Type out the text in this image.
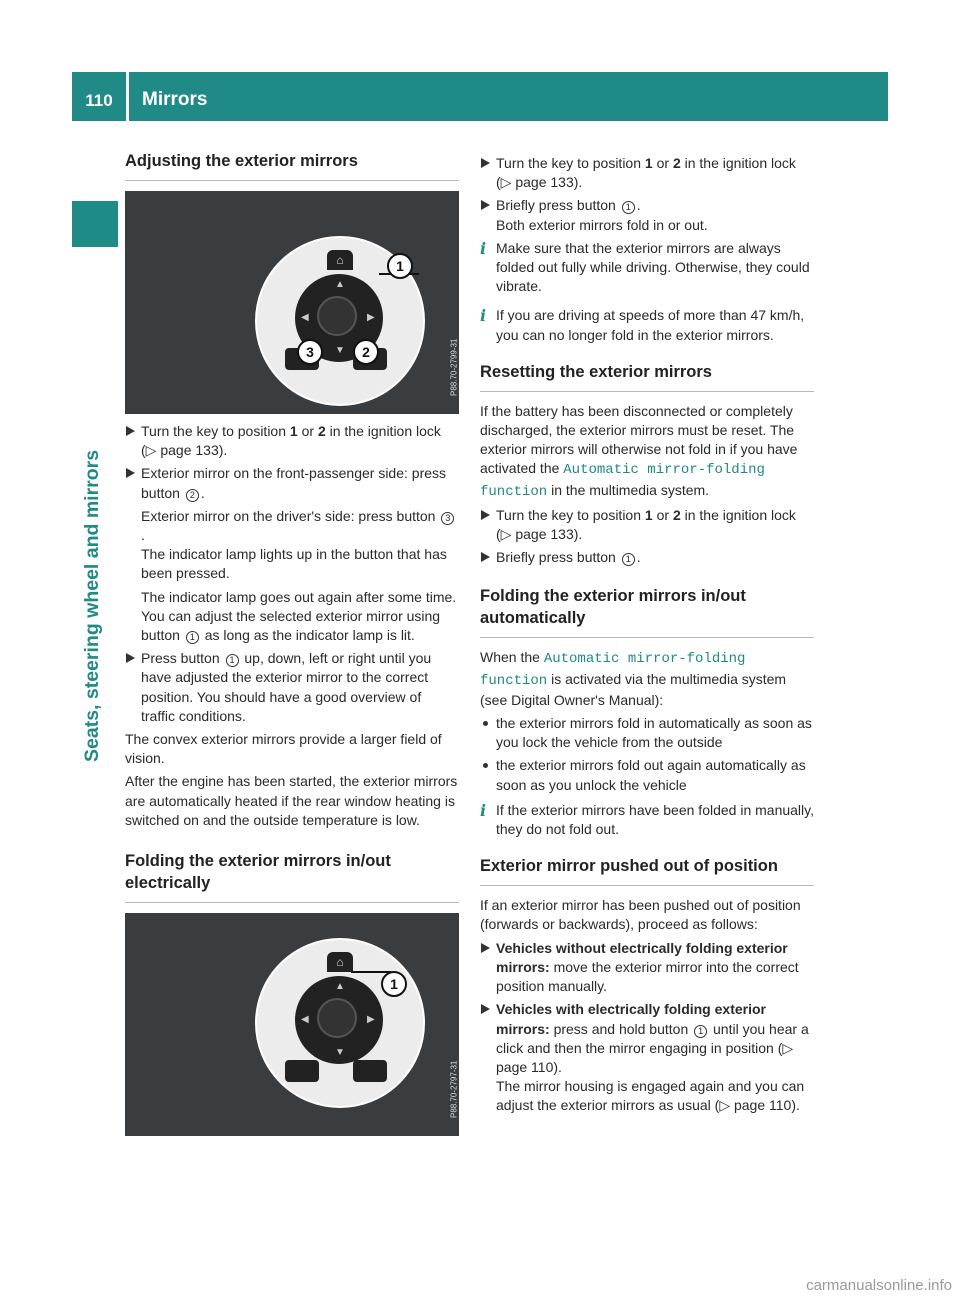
110	Mirrors
Seats, steering wheel and mirrors
Adjusting the exterior mirrors
⌂
▲
▼
◀	▶
1
2
3	P88.70-2799-31
Turn the key to position 1 or 2 in the ignition lock (▷ page 133).
Exterior mirror on the front-passenger side: press button 2 .
Exterior mirror on the driver's side: press button 3.
The indicator lamp lights up in the button that has been pressed.
The indicator lamp goes out again after some time. You can adjust the selected exterior mirror using button 1 as long as the indicator lamp is lit.
Press button 1 up, down, left or right until you have adjusted the exterior mirror to the correct position. You should have a good overview of traffic conditions.

The convex exterior mirrors provide a larger field of vision.

After the engine has been started, the exterior mirrors are automatically heated if the rear window heating is switched on and the outside temperature is low.

Folding the exterior mirrors in/out electrically
⌂
▲
▼
◀	▶
1
P88.70-2797-31
Turn the key to position 1 or 2 in the ignition lock (▷ page 133).
Briefly press button 1 .
Both exterior mirrors fold in or out.
i Make sure that the exterior mirrors are always folded out fully while driving. Otherwise, they could vibrate.
i If you are driving at speeds of more than 47 km/h, you can no longer fold in the exterior mirrors.
Resetting the exterior mirrors

If the battery has been disconnected or completely discharged, the exterior mirrors must be reset. The exterior mirrors will otherwise not fold in if you have activated the Automatic mirror-folding function in the multimedia system.

Turn the key to position 1 or 2 in the ignition lock (▷ page 133).
Briefly press button 1 .
Folding the exterior mirrors in/out automatically

When the Automatic mirror-folding function is activated via the multimedia system (see Digital Owner's Manual):

the exterior mirrors fold in automatically as soon as you lock the vehicle from the outside
the exterior mirrors fold out again automatically as soon as you unlock the vehicle
i If the exterior mirrors have been folded in manually, they do not fold out.
Exterior mirror pushed out of position

If an exterior mirror has been pushed out of position (forwards or backwards), proceed as follows:

Vehicles without electrically folding exterior mirrors: move the exterior mirror into the correct position manually.
Vehicles with electrically folding exterior mirrors: press and hold button 1 until you hear a click and then the mirror engaging in position (▷ page 110).
The mirror housing is engaged again and you can adjust the exterior mirrors as usual (▷ page 110).
carmanualsonline.info
